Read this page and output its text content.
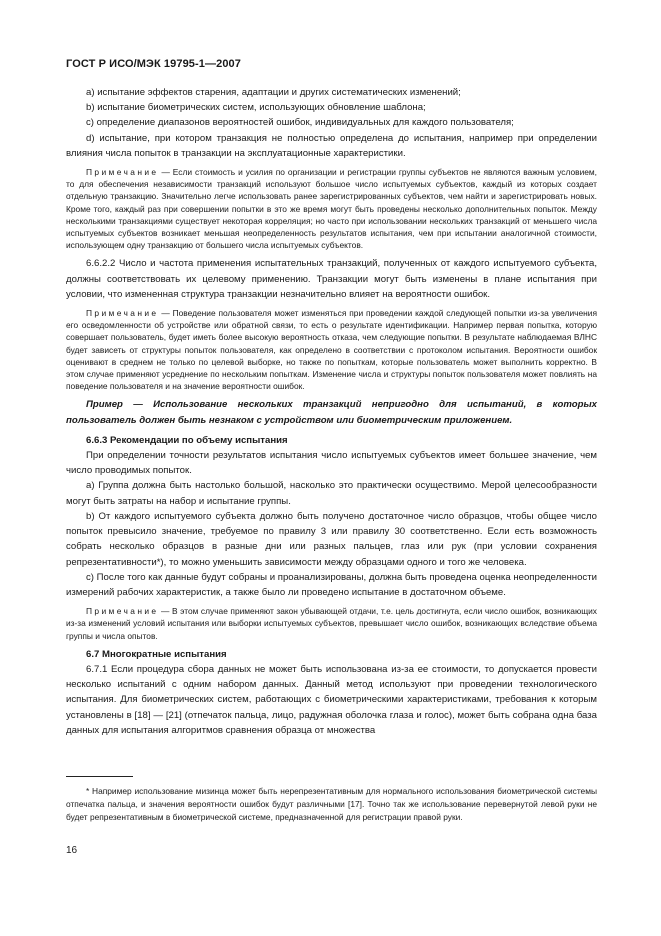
ГОСТ Р ИСО/МЭК 19795-1—2007

а) испытание эффектов старения, адаптации и других систематических изменений;

b) испытание биометрических систем, использующих обновление шаблона;

с) определение диапазонов вероятностей ошибок, индивидуальных для каждого пользователя;

d) испытание, при котором транзакция не полностью определена до испытания, например при определении влияния числа попыток в транзакции на эксплуатационные характеристики.

Примечание — Если стоимость и усилия по организации и регистрации группы субъектов не являются важным условием, то для обеспечения независимости транзакций используют большое число испытуемых субъектов, каждый из которых создает отдельную транзакцию. Значительно легче использовать ранее зарегистрированных субъектов, чем найти и зарегистрировать новых. Кроме того, каждый раз при совершении попытки в это же время могут быть проведены несколько дополнительных попыток. Между несколькими транзакциями существует некоторая корреляция; но часто при использовании нескольких транзакций от меньшего числа испытуемых субъектов возникает меньшая неопределенность результатов испытания, чем при испытании аналогичной стоимости, использующем одну транзакцию от большего числа испытуемых субъектов.

6.6.2.2 Число и частота применения испытательных транзакций, полученных от каждого испытуемого субъекта, должны соответствовать их целевому применению. Транзакции могут быть изменены в плане испытания при условии, что измененная структура транзакции незначительно влияет на вероятности ошибок.

Примечание — Поведение пользователя может изменяться при проведении каждой следующей попытки из-за увеличения его осведомленности об устройстве или обратной связи, то есть о результате идентификации. Например первая попытка, которую совершает пользователь, будет иметь более высокую вероятность отказа, чем следующие попытки. В результате наблюдаемая ВЛНС будет зависеть от структуры попыток пользователя, как определено в соответствии с протоколом испытания. Вероятности ошибок оценивают в среднем не только по целевой выборке, но также по попыткам, которые пользователь может выполнить корректно. В этом случае применяют усреднение по нескольким попыткам. Изменение числа и структуры попыток пользователя может повлиять на поведение пользователя и на значение вероятности ошибок.

Пример — Использование нескольких транзакций непригодно для испытаний, в которых пользователь должен быть незнаком с устройством или биометрическим приложением.

6.6.3 Рекомендации по объему испытания

При определении точности результатов испытания число испытуемых субъектов имеет большее значение, чем число проводимых попыток.

а) Группа должна быть настолько большой, насколько это практически осуществимо. Мерой целесообразности могут быть затраты на набор и испытание группы.

b) От каждого испытуемого субъекта должно быть получено достаточное число образцов, чтобы общее число попыток превысило значение, требуемое по правилу 3 или правилу 30 соответственно. Если есть возможность собрать несколько образцов в разные дни или разных пальцев, глаз или рук (при условии сохранения репрезентативности*), то можно уменьшить зависимости между образцами одного и того же человека.

с) После того как данные будут собраны и проанализированы, должна быть проведена оценка неопределенности измерений рабочих характеристик, а также было ли проведено испытание в достаточном объеме.

Примечание — В этом случае применяют закон убывающей отдачи, т.е. цель достигнута, если число ошибок, возникающих из-за изменений условий испытания или выборки испытуемых субъектов, превышает число ошибок, возникающих вследствие объема группы и числа опытов.

6.7 Многократные испытания

6.7.1 Если процедура сбора данных не может быть использована из-за ее стоимости, то допускается провести несколько испытаний с одним набором данных. Данный метод используют при проведении технологического испытания. Для биометрических систем, работающих с биометрическими характеристиками, требования к которым установлены в [18] — [21] (отпечаток пальца, лицо, радужная оболочка глаза и голос), может быть собрана одна база данных для испытания алгоритмов сравнения образца от множества

* Например использование мизинца может быть нерепрезентативным для нормального использования биометрической системы отпечатка пальца, и значения вероятности ошибок будут различными [17]. Точно так же использование перевернутой левой руки не будет репрезентативным в биометрической системе, предназначенной для регистрации правой руки.

16
